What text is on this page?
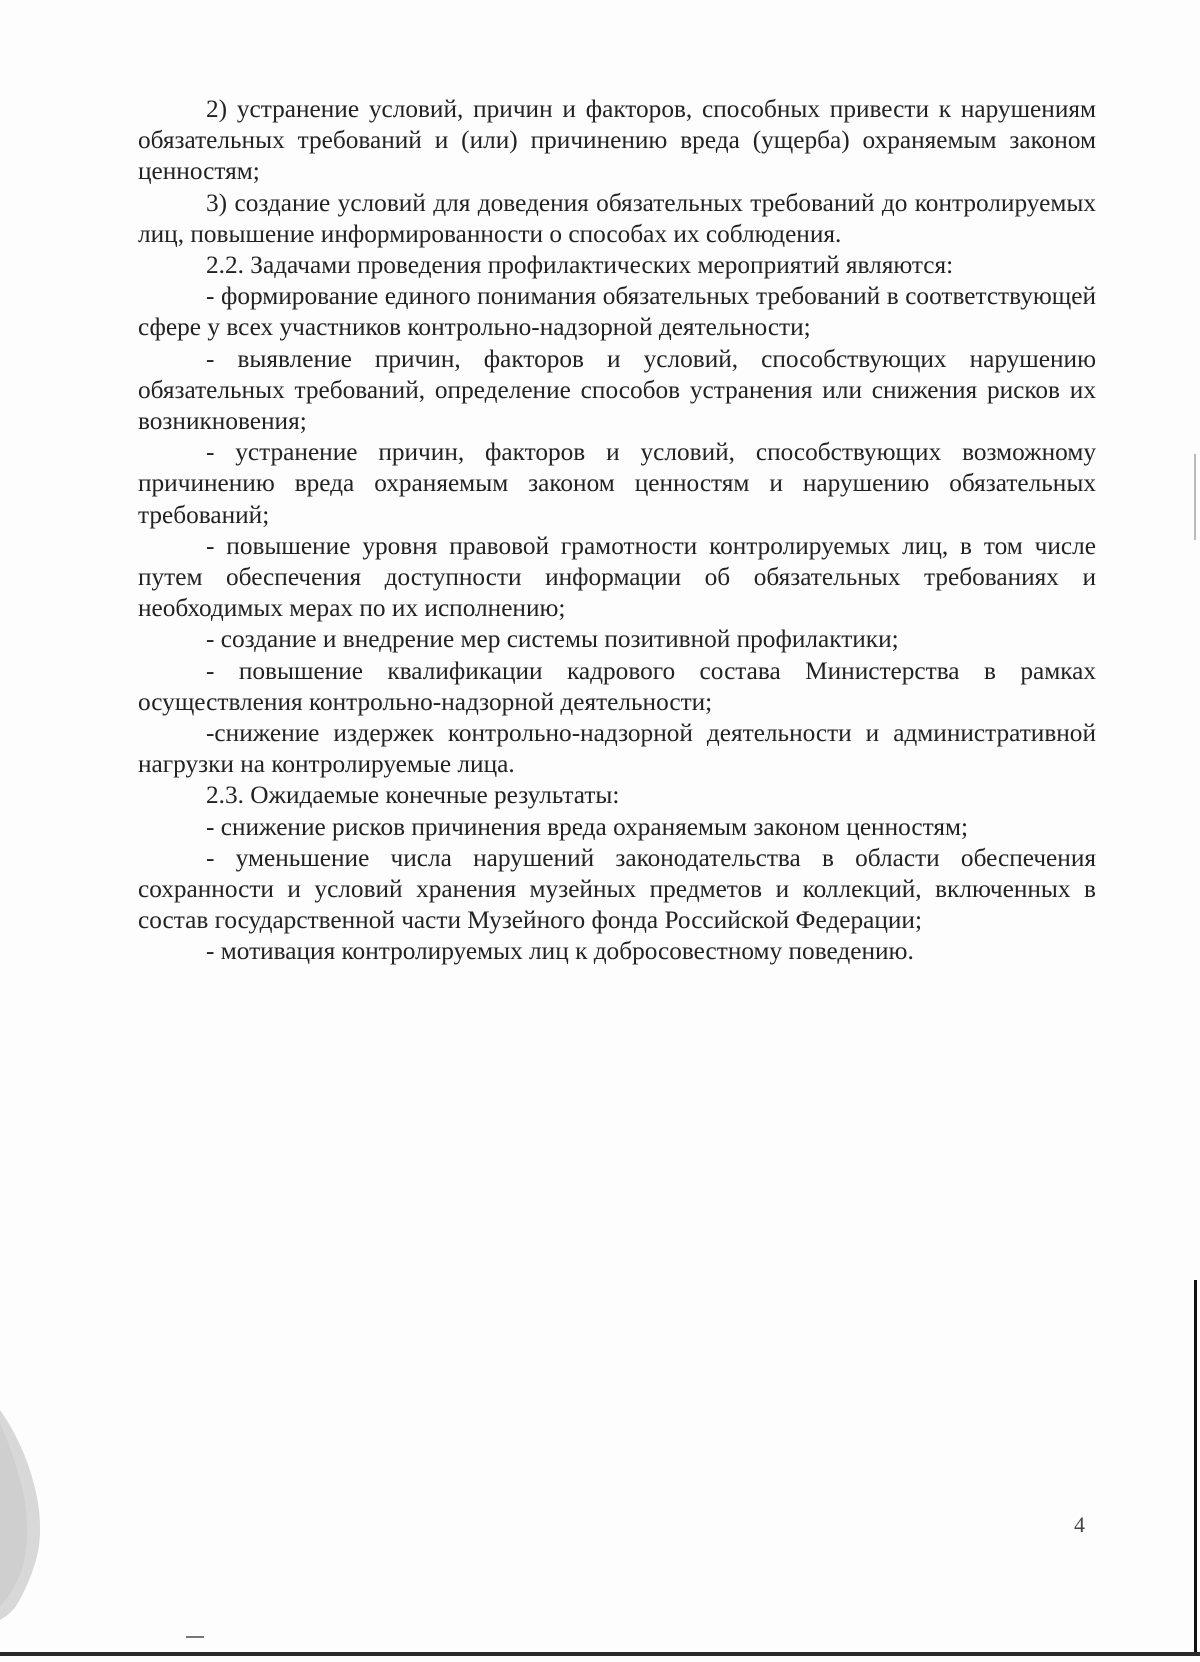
2) устранение условий, причин и факторов, способных привести к нарушениям обязательных требований и (или) причинению вреда (ущерба) охраняемым законом ценностям;

3) создание условий для доведения обязательных требований до контролируемых лиц, повышение информированности о способах их соблюдения.

2.2. Задачами проведения профилактических мероприятий являются:

- формирование единого понимания обязательных требований в соответствующей сфере у всех участников контрольно-надзорной деятельности;

- выявление причин, факторов и условий, способствующих нарушению обязательных требований, определение способов устранения или снижения рисков их возникновения;

- устранение причин, факторов и условий, способствующих возможному причинению вреда охраняемым законом ценностям и нарушению обязательных требований;

- повышение уровня правовой грамотности контролируемых лиц, в том числе путем обеспечения доступности информации об обязательных требованиях и необходимых мерах по их исполнению;

- создание и внедрение мер системы позитивной профилактики;

- повышение квалификации кадрового состава Министерства в рамках осуществления контрольно-надзорной деятельности;

-снижение издержек контрольно-надзорной деятельности и административной нагрузки на контролируемые лица.

2.3. Ожидаемые конечные результаты:

- снижение рисков причинения вреда охраняемым законом ценностям;

- уменьшение числа нарушений законодательства в области обеспечения сохранности и условий хранения музейных предметов и коллекций, включенных в состав государственной части Музейного фонда Российской Федерации;

- мотивация контролируемых лиц к добросовестному поведению.

4
